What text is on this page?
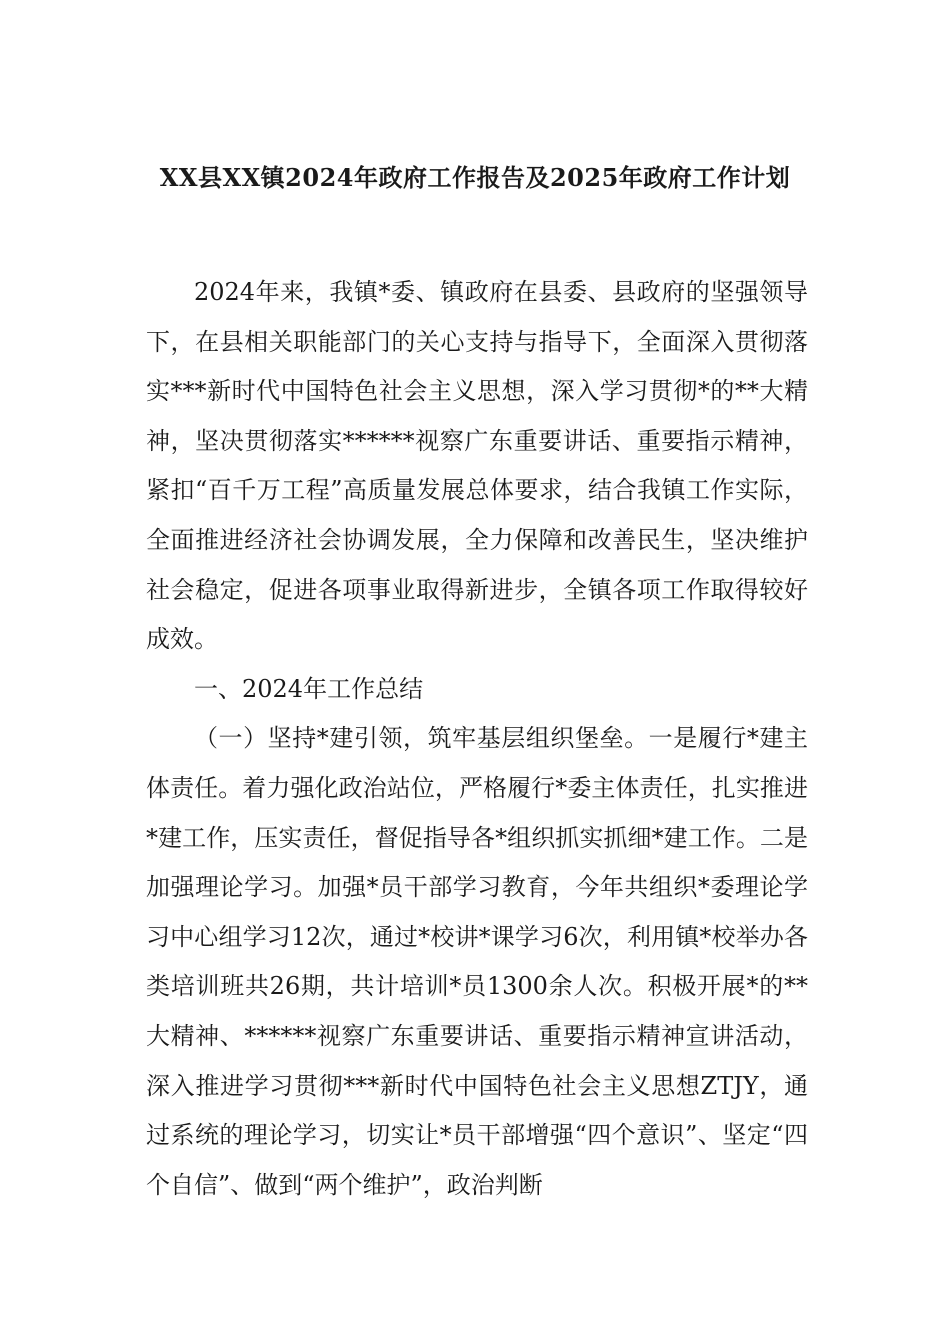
XX县XX镇2024年政府工作报告及2025年政府工作计划

2024年来，我镇*委、镇政府在县委、县政府的坚强领导下，在县相关职能部门的关心支持与指导下，全面深入贯彻落实***新时代中国特色社会主义思想，深入学习贯彻*的**大精神，坚决贯彻落实******视察广东重要讲话、重要指示精神，紧扣“百千万工程”高质量发展总体要求，结合我镇工作实际，全面推进经济社会协调发展，全力保障和改善民生，坚决维护社会稳定，促进各项事业取得新进步，全镇各项工作取得较好成效。

一、2024年工作总结

（一）坚持*建引领，筑牢基层组织堡垒。一是履行*建主体责任。着力强化政治站位，严格履行*委主体责任，扎实推进*建工作，压实责任，督促指导各*组织抓实抓细*建工作。二是加强理论学习。加强*员干部学习教育，今年共组织*委理论学习中心组学习12次，通过*校讲*课学习6次，利用镇*校举办各类培训班共26期，共计培训*员1300余人次。积极开展*的**大精神、******视察广东重要讲话、重要指示精神宣讲活动，深入推进学习贯彻***新时代中国特色社会主义思想ZTJY，通过系统的理论学习，切实让*员干部增强“四个意识”、坚定“四个自信”、做到“两个维护”，政治判断
